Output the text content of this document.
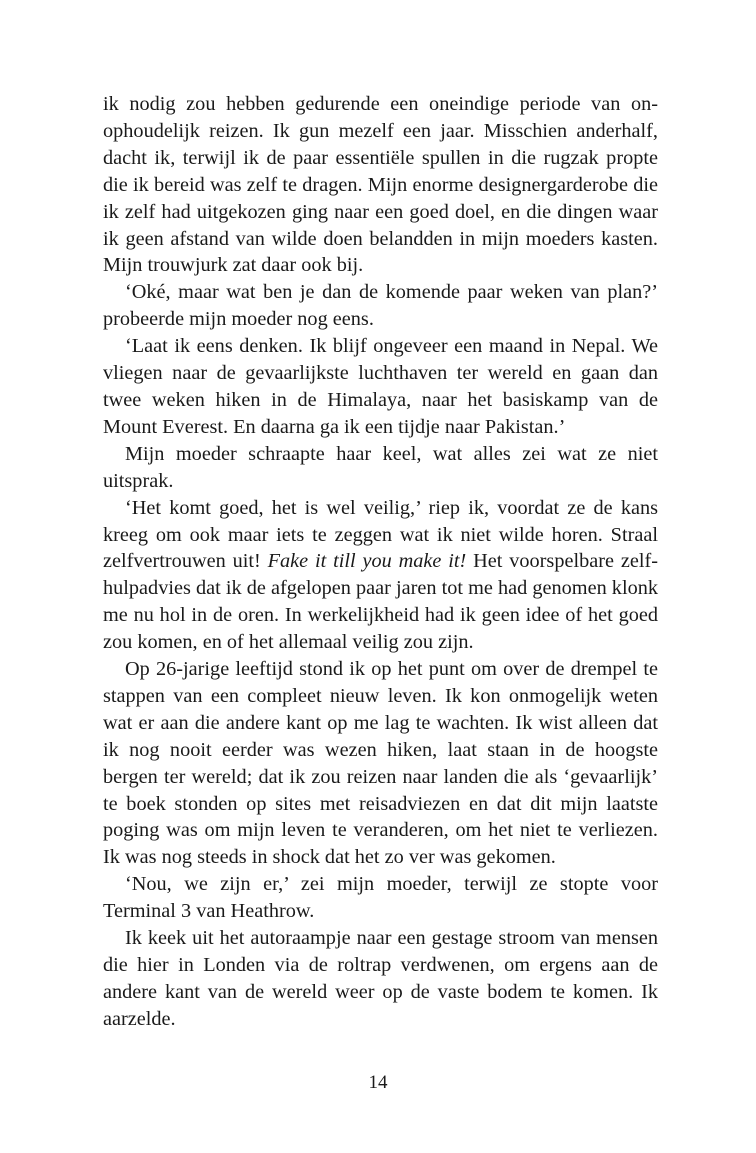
ik nodig zou hebben gedurende een oneindige periode van onophoudelijk reizen. Ik gun mezelf een jaar. Misschien anderhalf, dacht ik, terwijl ik de paar essentiële spullen in die rugzak propte die ik bereid was zelf te dragen. Mijn enorme designergarderobe die ik zelf had uitgekozen ging naar een goed doel, en die dingen waar ik geen afstand van wilde doen belandden in mijn moeders kasten. Mijn trouwjurk zat daar ook bij.

‘Oké, maar wat ben je dan de komende paar weken van plan?’ probeerde mijn moeder nog eens.

‘Laat ik eens denken. Ik blijf ongeveer een maand in Nepal. We vliegen naar de gevaarlijkste luchthaven ter wereld en gaan dan twee weken hiken in de Himalaya, naar het basiskamp van de Mount Everest. En daarna ga ik een tijdje naar Pakistan.’

Mijn moeder schraapte haar keel, wat alles zei wat ze niet uitsprak.

‘Het komt goed, het is wel veilig,’ riep ik, voordat ze de kans kreeg om ook maar iets te zeggen wat ik niet wilde horen. Straal zelfvertrouwen uit! Fake it till you make it! Het voorspelbare zelfhulpadvies dat ik de afgelopen paar jaren tot me had genomen klonk me nu hol in de oren. In werkelijkheid had ik geen idee of het goed zou komen, en of het allemaal veilig zou zijn.

Op 26-jarige leeftijd stond ik op het punt om over de drempel te stappen van een compleet nieuw leven. Ik kon onmogelijk weten wat er aan die andere kant op me lag te wachten. Ik wist alleen dat ik nog nooit eerder was wezen hiken, laat staan in de hoogste bergen ter wereld; dat ik zou reizen naar landen die als ‘gevaarlijk’ te boek stonden op sites met reisadviezen en dat dit mijn laatste poging was om mijn leven te veranderen, om het niet te verliezen. Ik was nog steeds in shock dat het zo ver was gekomen.

‘Nou, we zijn er,’ zei mijn moeder, terwijl ze stopte voor Terminal 3 van Heathrow.

Ik keek uit het autoraampje naar een gestage stroom van mensen die hier in Londen via de roltrap verdwenen, om ergens aan de andere kant van de wereld weer op de vaste bodem te komen. Ik aarzelde.

14
